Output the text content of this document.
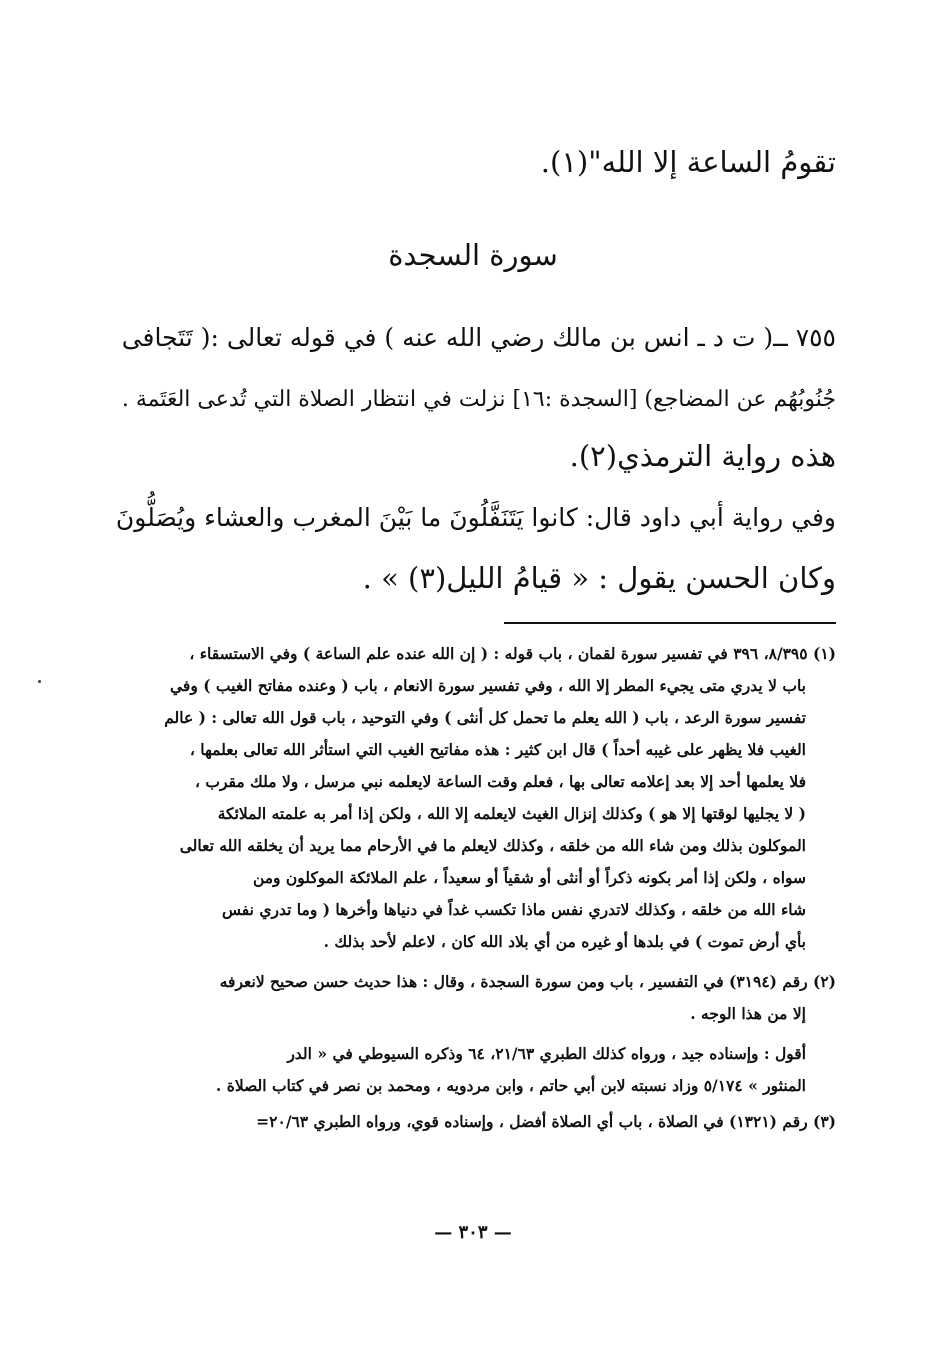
تقومُ الساعة إلا الله"(١).
سورة السجدة
٧٥٥ ــ( ت د ـ انس بن مالك رضي الله عنه ) في قوله تعالى :( تَتَجافى
جُنُوبُهُم عن المضاجع) [السجدة :١٦] نزلت في انتظار الصلاة التي تُدعى العَتَمة .
هذه رواية الترمذي(٢).
وفي رواية أبي داود قال: كانوا يَتَنَفَّلُونَ ما بَيْنَ المغرب والعشاء ويُصَلُّونَ
وكان الحسن يقول : « قيامُ الليل(٣) » .
(١) ٨/٣٩٥، ٣٩٦ في تفسير سورة لقمان ، باب قوله : ( إن الله عنده علم الساعة ) وفي الاستسقاء ،
باب لا يدري متى يجيء المطر إلا الله ، وفي تفسير سورة الانعام ، باب ( وعنده مفاتح الغيب ) وفي
تفسير سورة الرعد ، باب ( الله يعلم ما تحمل كل أنثى ) وفي التوحيد ، باب قول الله تعالى : ( عالم
الغيب فلا يظهر على غيبه أحداً ) قال ابن كثير : هذه مفاتيح الغيب التي استأثر الله تعالى بعلمها ،
فلا يعلمها أحد إلا بعد إعلامه تعالى بها ، فعلم وقت الساعة لايعلمه نبي مرسل ، ولا ملك مقرب ،
( لا يجليها لوقتها إلا هو ) وكذلك إنزال الغيث لايعلمه إلا الله ، ولكن إذا أمر به علمته الملائكة
الموكلون بذلك ومن شاء الله من خلقه ، وكذلك لايعلم ما في الأرحام مما يريد أن يخلقه الله تعالى
سواه ، ولكن إذا أمر بكونه ذكراً أو أنثى أو شقياً أو سعيداً ، علم الملائكة الموكلون ومن
شاء الله من خلقه ، وكذلك لاتدري نفس ماذا تكسب غداً في دنياها وأخرها ( وما تدري نفس
بأي أرض تموت ) في بلدها أو غيره من أي بلاد الله كان ، لاعلم لأحد بذلك .
(٢) رقم (٣١٩٤) في التفسير ، باب ومن سورة السجدة ، وقال : هذا حديث حسن صحيح لانعرفه
إلا من هذا الوجه .
أقول : وإسناده جيد ، ورواه كذلك الطبري ٢١/٦٣، ٦٤ وذكره السيوطي في « الدر
المنثور » ٥/١٧٤ وزاد نسبته لابن أبي حاتم ، وابن مردويه ، ومحمد بن نصر في كتاب الصلاة .
(٣) رقم (١٣٢١) في الصلاة ، باب أي الصلاة أفضل ، وإسناده قوي، ورواه الطبري ٢٠/٦٣=
— ٣٠٣ —
